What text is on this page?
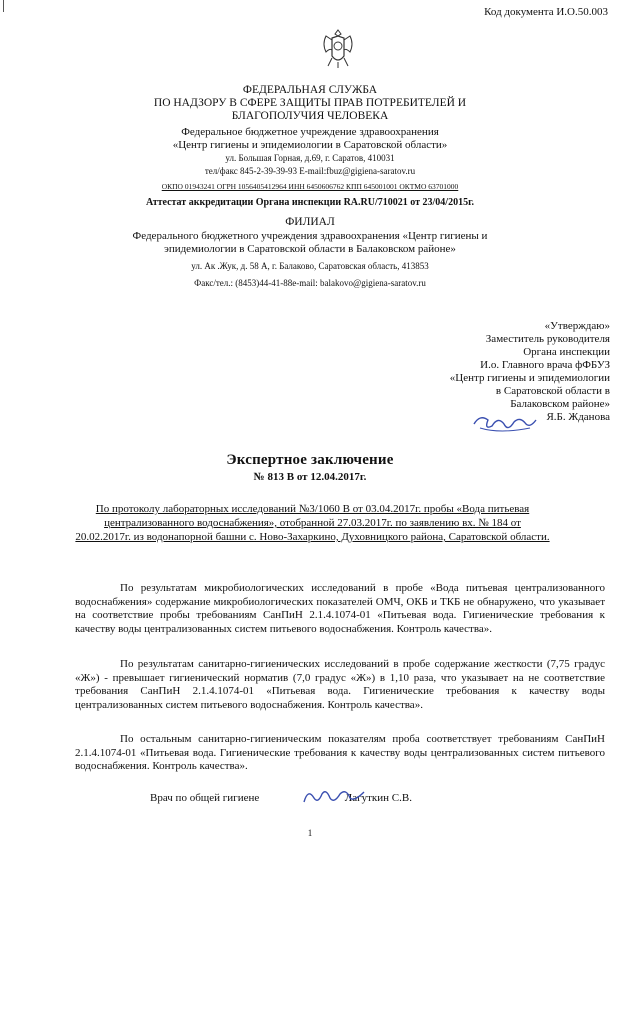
Код документа И.О.50.003
ФЕДЕРАЛЬНАЯ СЛУЖБА
ПО НАДЗОРУ В СФЕРЕ ЗАЩИТЫ ПРАВ ПОТРЕБИТЕЛЕЙ И
БЛАГОПОЛУЧИЯ ЧЕЛОВЕКА
Федеральное бюджетное учреждение здравоохранения
«Центр гигиены и эпидемиологии в Саратовской области»
ул. Большая Горная, д.69, г. Саратов, 410031
тел/факс 845-2-39-39-93 E-mail:fbuz@gigiena-saratov.ru
ОКПО 01943241 ОГРН 1056405412964 ИНН 6450606762 КПП 645001001 ОКТМО 63701000
Аттестат аккредитации Органа инспекции RA.RU/710021 от 23/04/2015г.
ФИЛИАЛ
Федерального бюджетного учреждения здравоохранения «Центр гигиены и
эпидемиологии в Саратовской области в Балаковском районе»
ул. Ак .Жук, д. 58 А, г. Балаково, Саратовская область, 413853
Факс/тел.: (8453)44-41-88e-mail: balakovo@gigiena-saratov.ru
«Утверждаю»
Заместитель руководителя
Органа инспекции
И.о. Главного врача фФБУЗ
«Центр гигиены и эпидемиологии
в Саратовской области в
Балаковском районе»
Я.Б. Жданова
Экспертное заключение
№ 813 В от 12.04.2017г.
По протоколу лабораторных исследований №3/1060 В от 03.04.2017г. пробы «Вода питьевая централизованного водоснабжения», отобранной 27.03.2017г. по заявлению вх. № 184 от 20.02.2017г. из водонапорной башни с. Ново-Захаркино, Духовницкого района, Саратовской области.

По результатам микробиологических исследований в пробе «Вода питьевая централизованного водоснабжения» содержание микробиологических показателей ОМЧ, ОКБ и ТКБ не обнаружено, что указывает на соответствие пробы требованиям СанПиН 2.1.4.1074-01 «Питьевая вода. Гигиенические требования к качеству воды централизованных систем питьевого водоснабжения. Контроль качества».

По результатам санитарно-гигиенических исследований в пробе содержание жесткости (7,75 градус «Ж») - превышает гигиенический норматив (7,0 градус «Ж») в 1,10 раза, что указывает на не соответствие требования СанПиН 2.1.4.1074-01 «Питьевая вода. Гигиенические требования к качеству воды централизованных систем питьевого водоснабжения. Контроль качества».

По остальным санитарно-гигиеническим показателям проба соответствует требованиям СанПиН 2.1.4.1074-01 «Питьевая вода. Гигиенические требования к качеству воды централизованных систем питьевого водоснабжения. Контроль качества».

Врач по общей гигиене	Лагуткин С.В.
1
